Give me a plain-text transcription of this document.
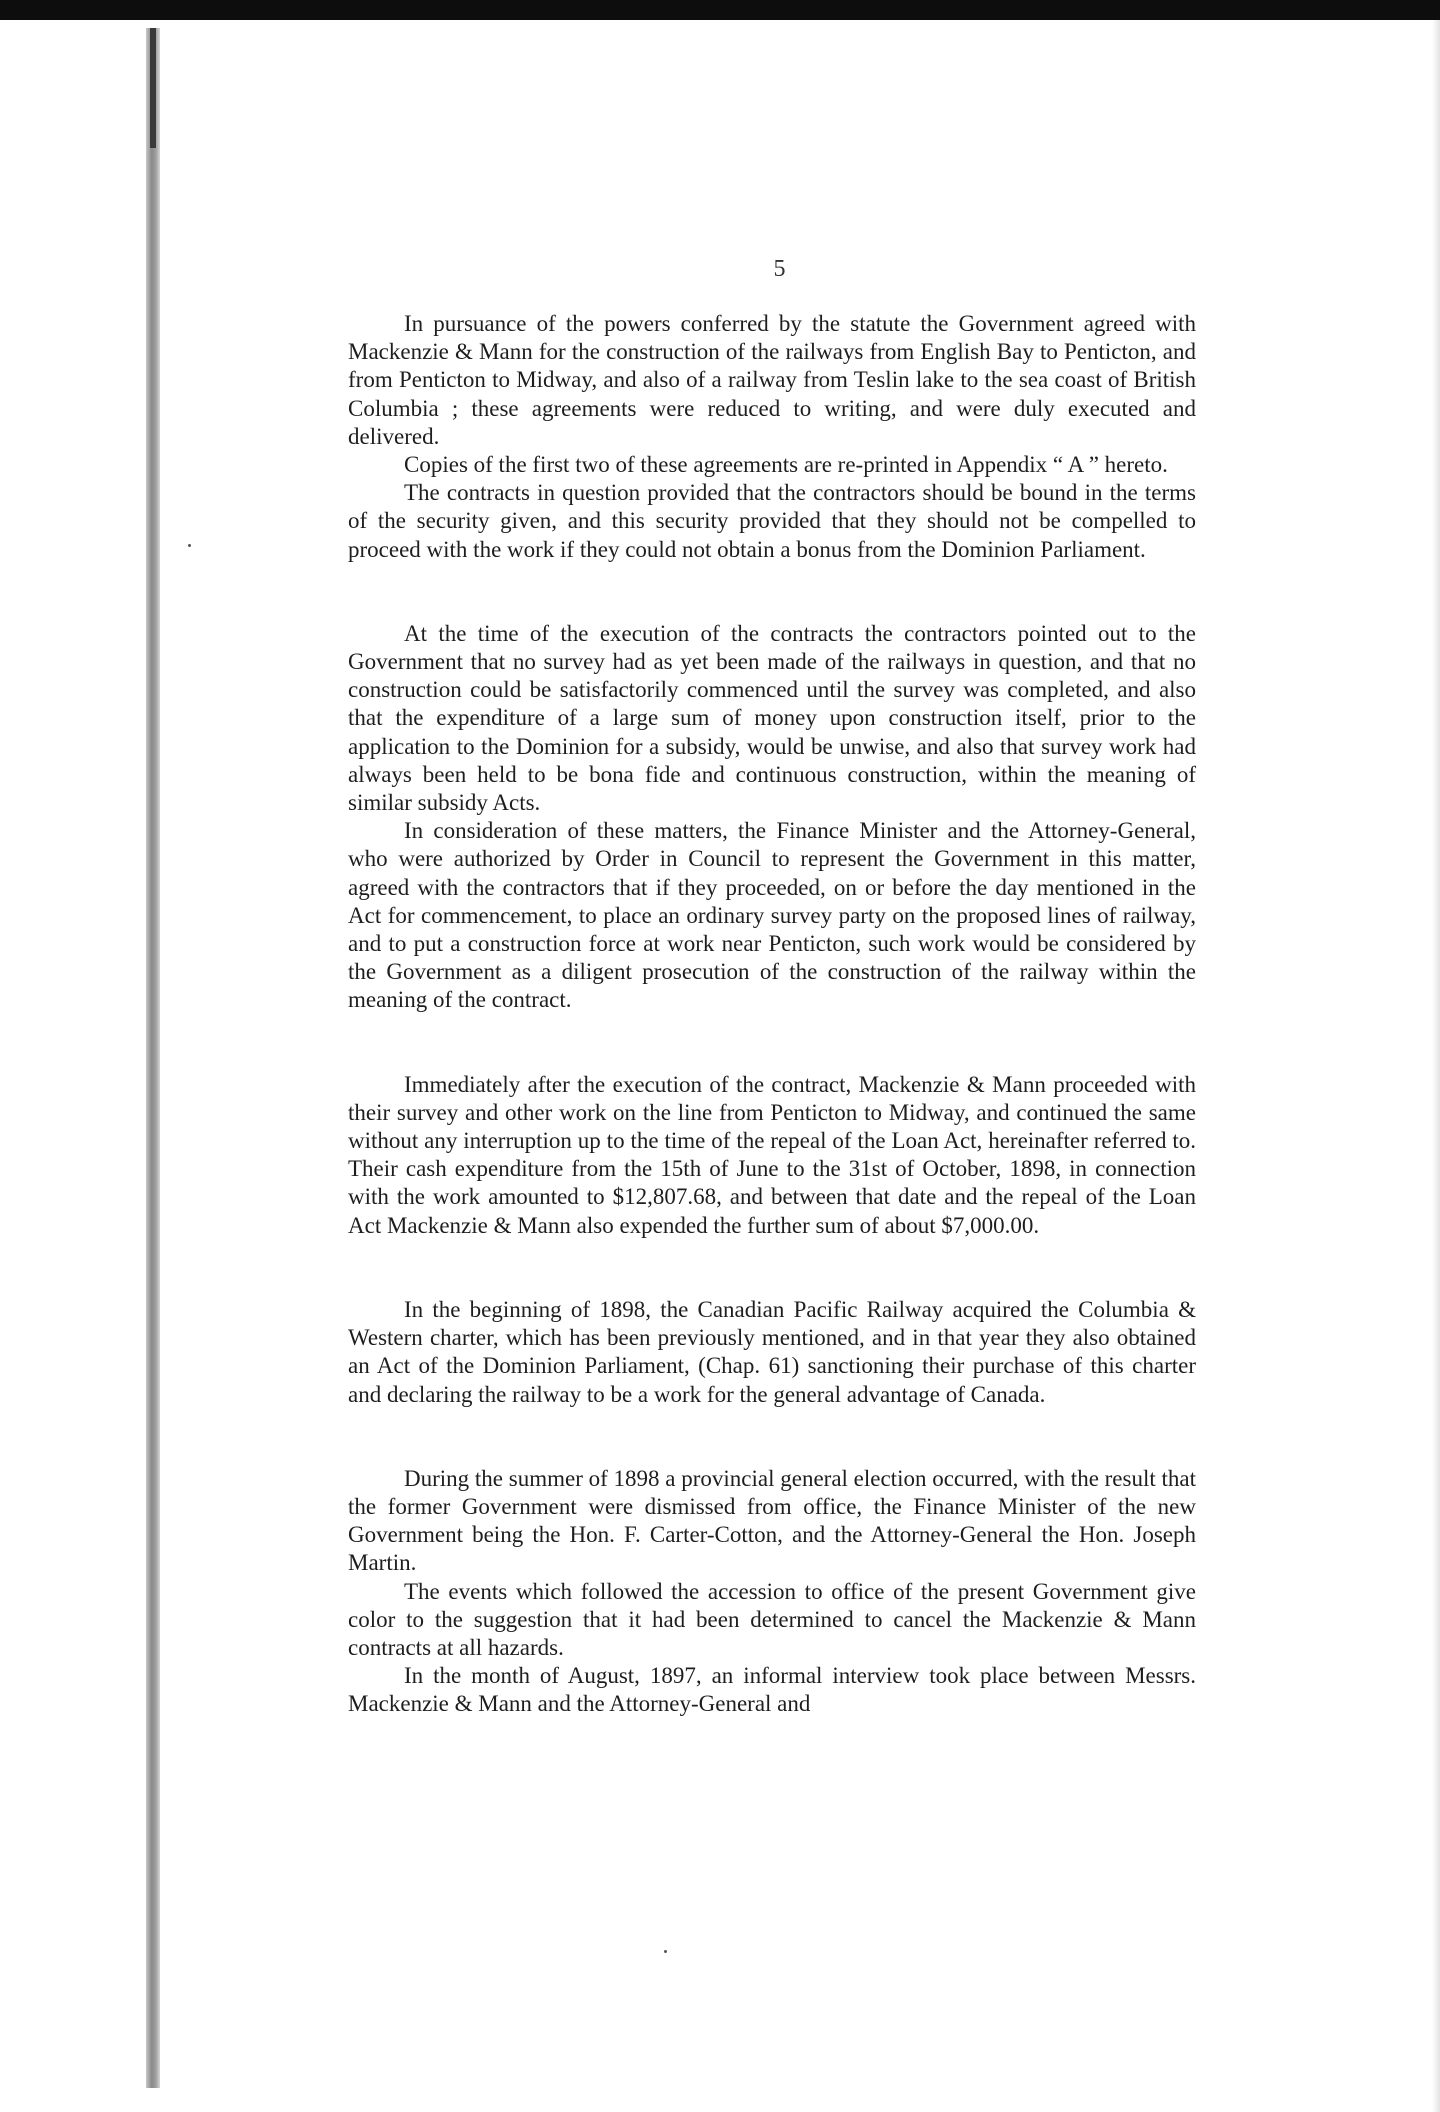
5

In pursuance of the powers conferred by the statute the Government agreed with Mackenzie & Mann for the construction of the railways from English Bay to Penticton, and from Penticton to Midway, and also of a railway from Teslin lake to the sea coast of British Columbia ; these agreements were reduced to writing, and were duly executed and delivered.

Copies of the first two of these agreements are re-printed in Appendix “ A ” hereto.

The contracts in question provided that the contractors should be bound in the terms of the security given, and this security provided that they should not be compelled to proceed with the work if they could not obtain a bonus from the Dominion Parliament.

At the time of the execution of the contracts the contractors pointed out to the Government that no survey had as yet been made of the railways in question, and that no construction could be satisfactorily commenced until the survey was completed, and also that the expenditure of a large sum of money upon construction itself, prior to the application to the Dominion for a subsidy, would be unwise, and also that survey work had always been held to be bona fide and continuous construction, within the meaning of similar subsidy Acts.

In consideration of these matters, the Finance Minister and the Attorney-General, who were authorized by Order in Council to represent the Government in this matter, agreed with the contractors that if they proceeded, on or before the day mentioned in the Act for commencement, to place an ordinary survey party on the proposed lines of railway, and to put a construction force at work near Penticton, such work would be considered by the Government as a diligent prosecution of the construction of the railway within the meaning of the contract.

Immediately after the execution of the contract, Mackenzie & Mann proceeded with their survey and other work on the line from Penticton to Midway, and continued the same without any interruption up to the time of the repeal of the Loan Act, hereinafter referred to. Their cash expenditure from the 15th of June to the 31st of October, 1898, in connection with the work amounted to $12,807.68, and between that date and the repeal of the Loan Act Mackenzie & Mann also expended the further sum of about $7,000.00.

In the beginning of 1898, the Canadian Pacific Railway acquired the Columbia & Western charter, which has been previously mentioned, and in that year they also obtained an Act of the Dominion Parliament, (Chap. 61) sanctioning their purchase of this charter and declaring the railway to be a work for the general advantage of Canada.

During the summer of 1898 a provincial general election occurred, with the result that the former Government were dismissed from office, the Finance Minister of the new Government being the Hon. F. Carter-Cotton, and the Attorney-General the Hon. Joseph Martin.

The events which followed the accession to office of the present Government give color to the suggestion that it had been determined to cancel the Mackenzie & Mann contracts at all hazards.

In the month of August, 1897, an informal interview took place between Messrs. Mackenzie & Mann and the Attorney-General and
